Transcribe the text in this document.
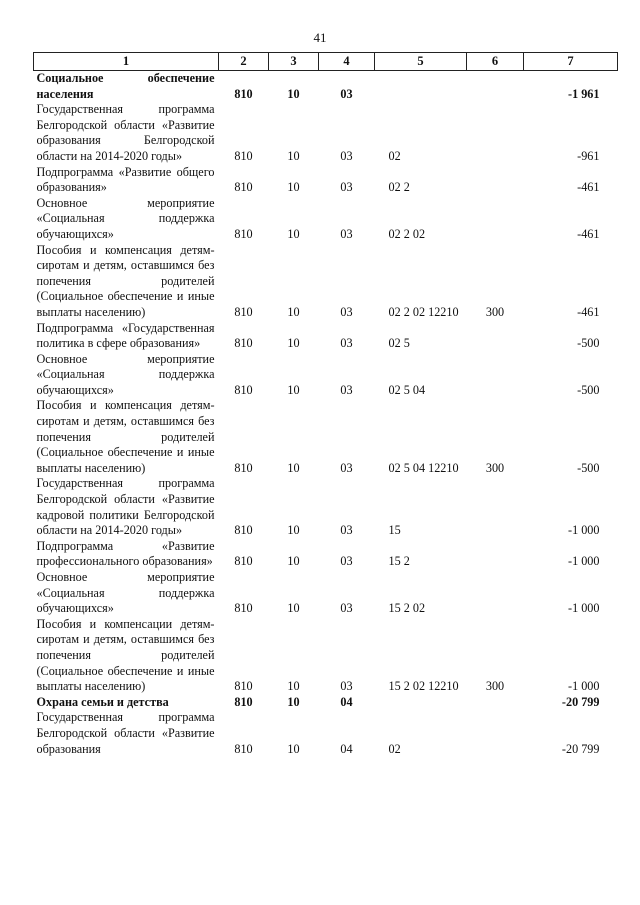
41
1	2	3	4	5	6	7
Социальное обеспечение населения	810	10	03			-1 961
Государственная программа Белгородской области «Развитие образования Белгородской области на 2014-2020 годы»	810	10	03	02		-961
Подпрограмма «Развитие общего образования»	810	10	03	02 2		-461
Основное мероприятие «Социальная поддержка обучающихся»	810	10	03	02 2 02		-461
Пособия и компенсация детям-сиротам и детям, оставшимся без попечения родителей (Социальное обеспечение и иные выплаты населению)	810	10	03	02 2 02 12210	300	-461
Подпрограмма «Государственная политика в сфере образования»	810	10	03	02 5		-500
Основное мероприятие «Социальная поддержка обучающихся»	810	10	03	02 5 04		-500
Пособия и компенсация детям-сиротам и детям, оставшимся без попечения родителей (Социальное обеспечение и иные выплаты населению)	810	10	03	02 5 04 12210	300	-500
Государственная программа Белгородской области «Развитие кадровой политики Белгородской области на 2014-2020 годы»	810	10	03	15		-1 000
Подпрограмма «Развитие профессионального образования»	810	10	03	15 2		-1 000
Основное мероприятие «Социальная поддержка обучающихся»	810	10	03	15 2 02		-1 000
Пособия и компенсации детям-сиротам и детям, оставшимся без попечения родителей (Социальное обеспечение и иные выплаты населению)	810	10	03	15 2 02 12210	300	-1 000
Охрана семьи и детства	810	10	04			-20 799
Государственная программа Белгородской области «Развитие образования	810	10	04	02		-20 799
